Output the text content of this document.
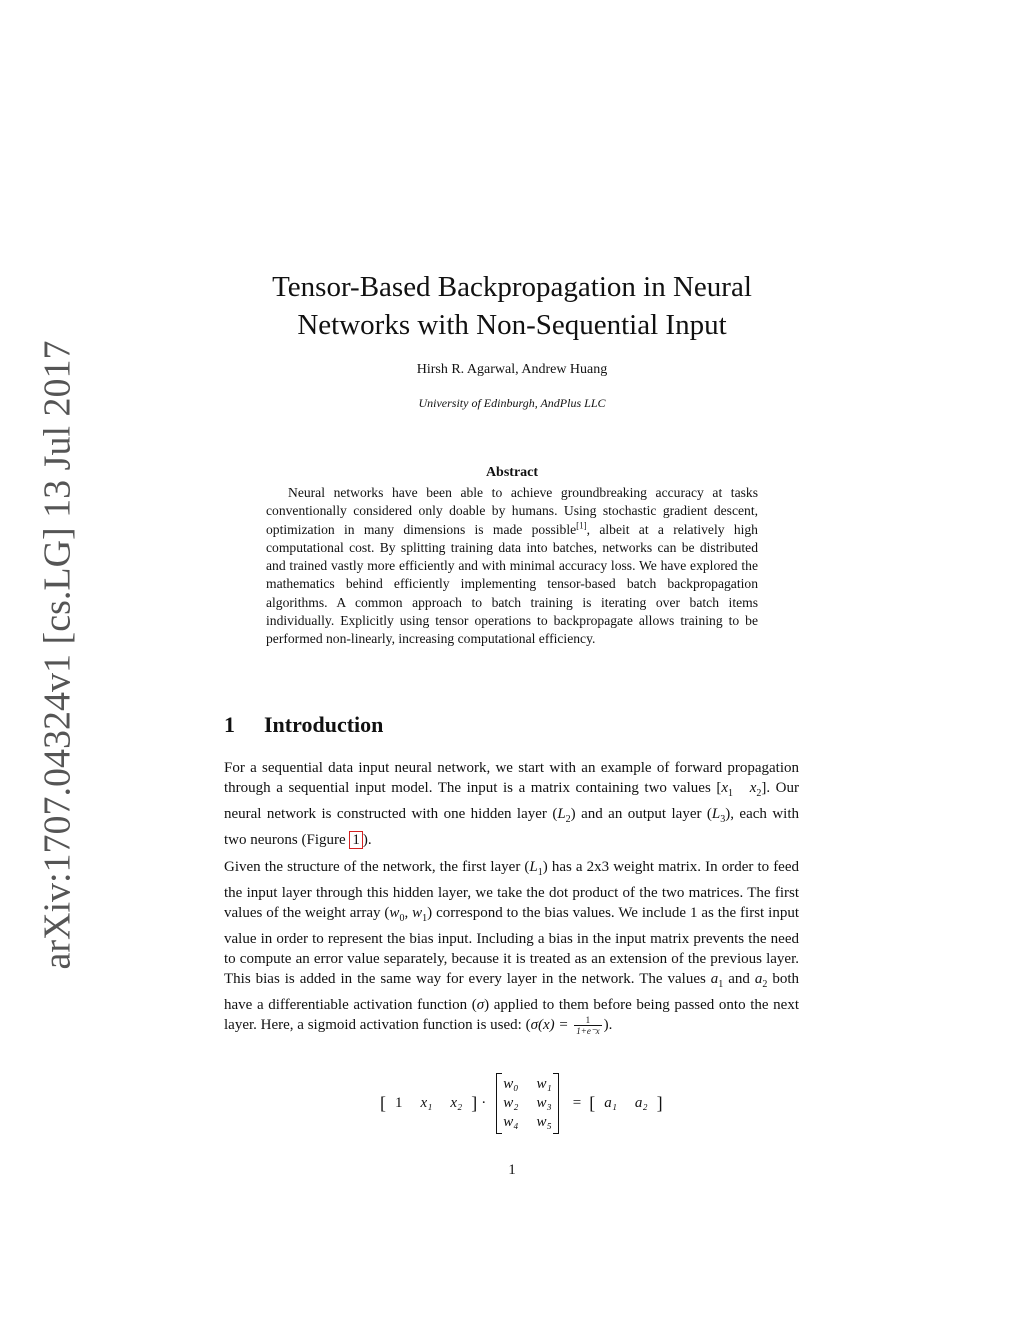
arXiv:1707.04324v1 [cs.LG] 13 Jul 2017
Tensor-Based Backpropagation in Neural
Networks with Non-Sequential Input
Hirsh R. Agarwal, Andrew Huang
University of Edinburgh, AndPlus LLC
Abstract
Neural networks have been able to achieve groundbreaking accuracy at tasks conventionally considered only doable by humans. Using stochastic gradient descent, optimization in many dimensions is made possible[1], albeit at a relatively high computational cost. By splitting training data into batches, networks can be distributed and trained vastly more efficiently and with minimal accuracy loss. We have explored the mathematics behind efficiently implementing tensor-based batch backpropagation algorithms. A common approach to batch training is iterating over batch items individually. Explicitly using tensor operations to backpropagate allows training to be performed non-linearly, increasing computational efficiency.
1 Introduction
For a sequential data input neural network, we start with an example of forward propagation through a sequential input model. The input is a matrix containing two values [$x_1$ $x_2$]. Our neural network is constructed with one hidden layer $(L_2)$ and an output layer $(L_3)$, each with two neurons (Figure 1 ).
Given the structure of the network, the first layer $(L_1)$ has a 2x3 weight matrix. In order to feed the input layer through this hidden layer, we take the dot product of the two matrices. The first values of the weight array ($w_0$, $w_1$) correspond to the bias values. We include 1 as the first input value in order to represent the bias input. Including a bias in the input matrix prevents the need to compute an error value separately, because it is treated as an extension of the previous layer. This bias is added in the same way for every layer in the network. The values $a_1$ and $a_2$ both have a differentiable activation function (σ) applied to them before being passed onto the next layer. Here, a sigmoid activation function is used: ($\sigma(x) = \frac{1}{1+e^-x}$ ).
[ 1 x₁ x₂ ] ·
w₀ w₁
w₂ w₃
w₄ w₅
= [ a₁ a₂ ]
1
